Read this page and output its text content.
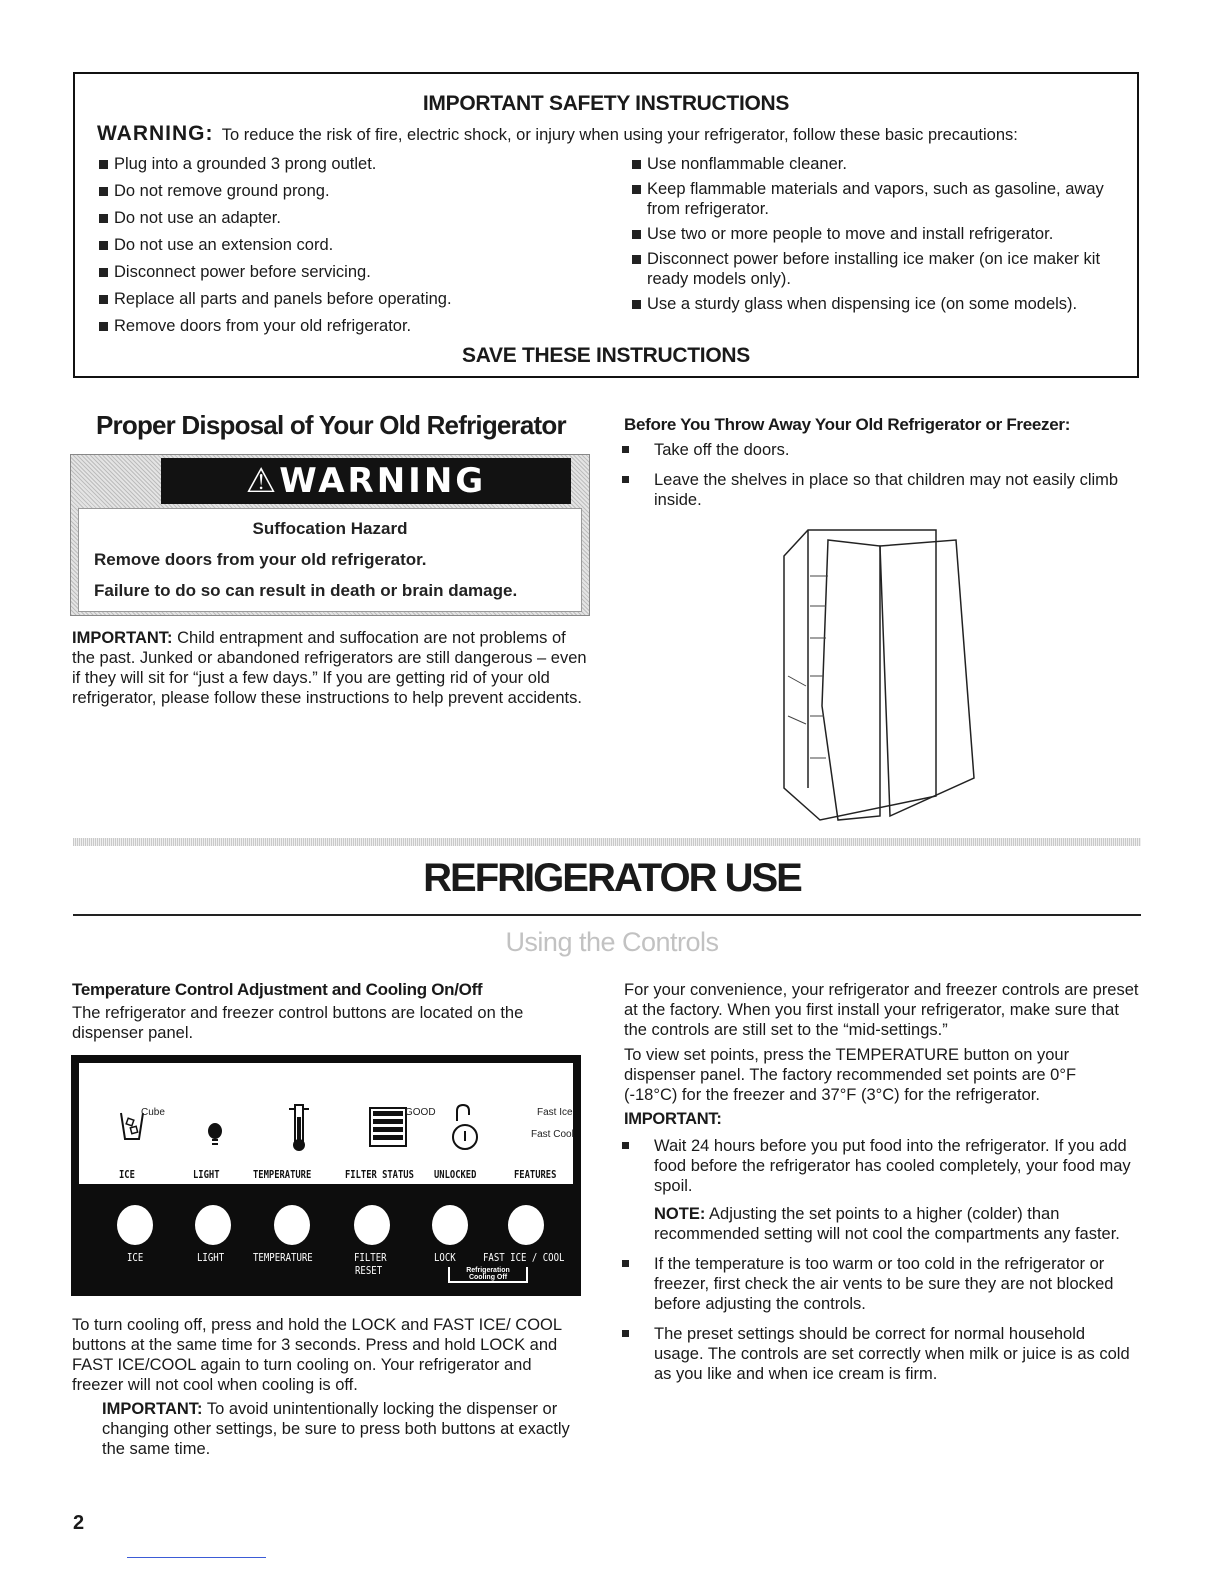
IMPORTANT SAFETY INSTRUCTIONS
WARNING: To reduce the risk of fire, electric shock, or injury when using your refrigerator, follow these basic precautions:
Plug into a grounded 3 prong outlet.
Do not remove ground prong.
Do not use an adapter.
Do not use an extension cord.
Disconnect power before servicing.
Replace all parts and panels before operating.
Remove doors from your old refrigerator.
Use nonflammable cleaner.
Keep flammable materials and vapors, such as gasoline, away from refrigerator.
Use two or more people to move and install refrigerator.
Disconnect power before installing ice maker (on ice maker kit ready models only).
Use a sturdy glass when dispensing ice (on some models).
SAVE THESE INSTRUCTIONS
Proper Disposal of Your Old Refrigerator
⚠WARNING
Suffocation Hazard
Remove doors from your old refrigerator.
Failure to do so can result in death or brain damage.
IMPORTANT: Child entrapment and suffocation are not problems of the past. Junked or abandoned refrigerators are still dangerous – even if they will sit for “just a few days.” If you are getting rid of your old refrigerator, please follow these instructions to help prevent accidents.
Before You Throw Away Your Old Refrigerator or Freezer:
Take off the doors.
Leave the shelves in place so that children may not easily climb inside.
REFRIGERATOR USE
Using the Controls
Temperature Control Adjustment and Cooling On/Off
The refrigerator and freezer control buttons are located on the dispenser panel.
Cube	GOOD	Fast Ice
Fast Cool
ICE	LIGHT	TEMPERATURE	FILTER STATUS UNLOCKED	FEATURES
ICE	LIGHT	TEMPERATURE	FILTER
RESET
LOCK FAST ICE / COOL
Refrigeration
Cooling Off
To turn cooling off, press and hold the LOCK and FAST ICE/ COOL buttons at the same time for 3 seconds. Press and hold LOCK and FAST ICE/COOL again to turn cooling on. Your refrigerator and freezer will not cool when cooling is off.
IMPORTANT: To avoid unintentionally locking the dispenser or changing other settings, be sure to press both buttons at exactly the same time.
For your convenience, your refrigerator and freezer controls are preset at the factory. When you first install your refrigerator, make sure that the controls are still set to the “mid-settings.”
To view set points, press the TEMPERATURE button on your dispenser panel. The factory recommended set points are 0°F (-18°C) for the freezer and 37°F (3°C) for the refrigerator.
IMPORTANT:
Wait 24 hours before you put food into the refrigerator. If you add food before the refrigerator has cooled completely, your food may spoil.

NOTE: Adjusting the set points to a higher (colder) than recommended setting will not cool the compartments any faster.

If the temperature is too warm or too cold in the refrigerator or freezer, first check the air vents to be sure they are not blocked before adjusting the controls.
The preset settings should be correct for normal household usage. The controls are set correctly when milk or juice is as cold as you like and when ice cream is firm.
2
